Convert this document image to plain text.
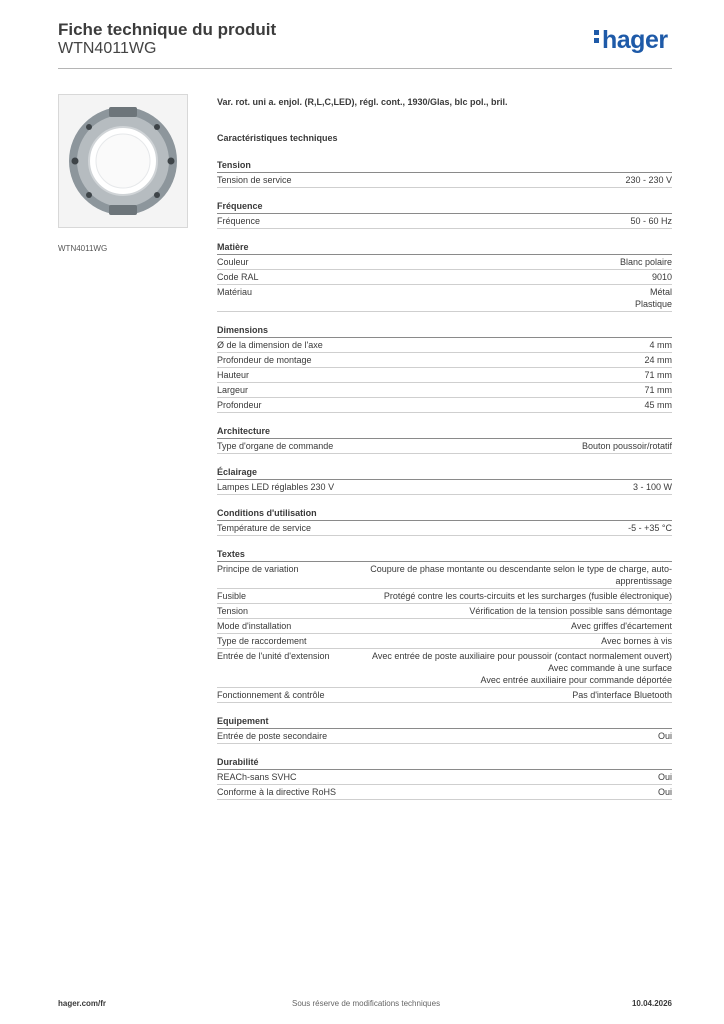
Fiche technique du produit
WTN4011WG	hager
WTN4011WG

Var. rot. uni a. enjol. (R,L,C,LED), régl. cont., 1930/Glas, blc pol., bril.

Caractéristiques techniques

Tension
Tension de service	230 - 230 V
Fréquence
Fréquence	50 - 60 Hz
Matière
Couleur	Blanc polaire
Code RAL	9010
Matériau	Métal
Plastique
Dimensions
Ø de la dimension de l'axe	4 mm
Profondeur de montage	24 mm
Hauteur	71 mm
Largeur	71 mm
Profondeur	45 mm
Architecture
Type d'organe de commande	Bouton poussoir/rotatif
Éclairage
Lampes LED réglables 230 V	3 - 100 W
Conditions d'utilisation
Température de service	-5 - +35 °C
Textes
Principe de variation	Coupure de phase montante ou descendante selon le type de charge, auto-
apprentissage
Fusible	Protégé contre les courts-circuits et les surcharges (fusible électronique)
Tension	Vérification de la tension possible sans démontage
Mode d'installation	Avec griffes d'écartement
Type de raccordement	Avec bornes à vis
Entrée de l'unité d'extension	Avec entrée de poste auxiliaire pour poussoir (contact normalement ouvert)
Avec commande à une surface
Avec entrée auxiliaire pour commande déportée
Fonctionnement & contrôle	Pas d'interface Bluetooth
Equipement
Entrée de poste secondaire	Oui
Durabilité
REACh-sans SVHC	Oui
Conforme à la directive RoHS	Oui
hager.com/fr	Sous réserve de modifications techniques	10.04.2026
